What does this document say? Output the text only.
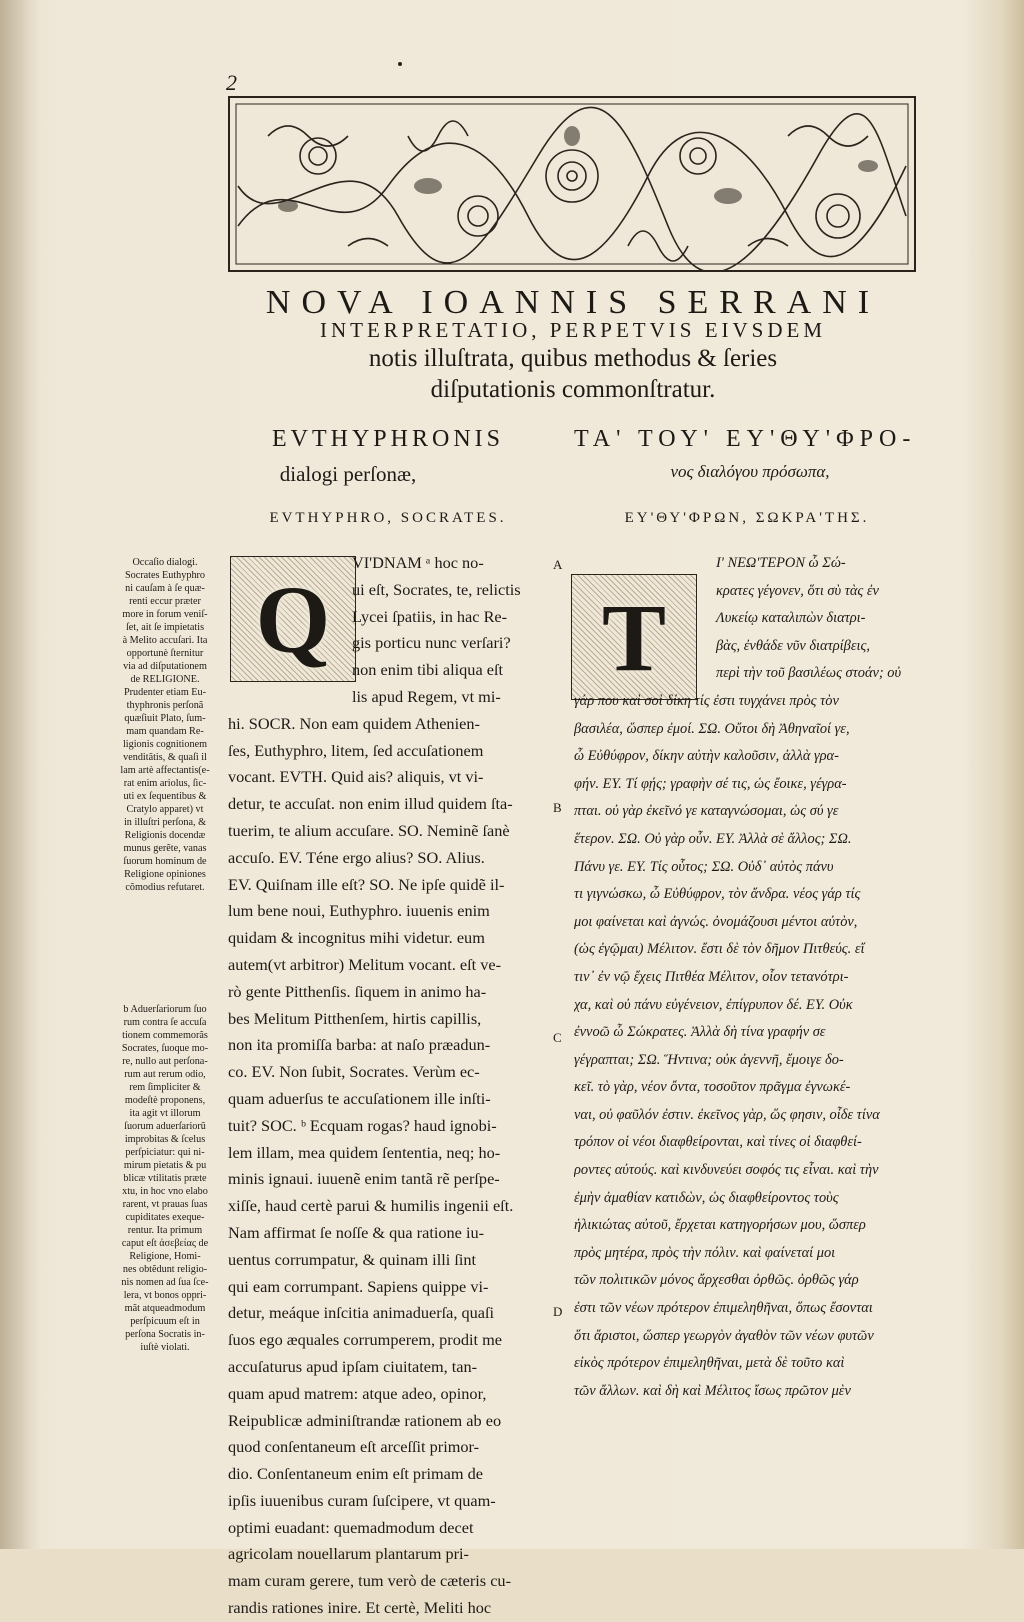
2
NOVA IOANNIS SERRANI
INTERPRETATIO, PERPETVIS EIVSDEM
notis illuſtrata, quibus methodus & ſeries
diſputationis commonſtratur.
EVTHYPHRONIS
dialogi perſonæ,
ΤΑ' ΤΟΥ' ΕΥ'ΘΥ'ΦΡΟ-
νος διαλόγου πρόσωπα,
EVTHYPHRO, SOCRATES.	ΕΥ'ΘΥ'ΦΡΩΝ, ΣΩΚΡΑ'ΤΗΣ.
Occaſio dialogi.
Socrates Euthyphro
ni cauſam à ſe quæ-
renti eccur præter
more in forum veniſ-
ſet, ait ſe impietatis
à Melito accuſari. Ita
opportunè ſternitur
via ad diſputationem
de RELIGIONE.
Prudenter etiam Eu-
thyphronis perſonã
quæſiuit Plato, ſum-
mam quandam Re-
ligionis cognitionem
venditãtis, & quaſi il
lam artè affectantis(e-
rat enim ariolus, ſic-
uti ex ſequentibus &
Cratylo apparet) vt
in illuſtri perſona, &
Religionis docendæ
munus gerẽte, vanas
ſuorum hominum de
Religione opiniones
cõmodius refutaret.
b Aduerſariorum ſuo
rum contra ſe accuſa
tionem commemorãs
Socrates, ſuoque mo-
re, nullo aut perſona-
rum aut rerum odio,
rem ſimpliciter &
modeſtè proponens,
ita agit vt illorum
ſuorum aduerſariorũ
improbitas & ſcelus
perſpiciatur: qui ni-
mirum pietatis & pu
blicæ vtilitatis præte
xtu, in hoc vno elabo
rarent, vt prauas ſuas
cupiditates exeque-
rentur. Ita primum
caput eſt ἀσεβείας de
Religione, Homi-
nes obtẽdunt religio-
nis nomen ad ſua ſce-
lera, vt bonos oppri-
mãt atqueadmodum
perſpicuum eſt in
perſona Socratis in-
iuſtè violati.
Q	T
VI'DNAM ᵃ hoc no-
ui eſt, Socrates, te, relictis
Lycei ſpatiis, in hac Re-
gis porticu nunc verſari?
non enim tibi aliqua eſt
lis apud Regem, vt mi-
hi. SOCR. Non eam quidem Athenien-
ſes, Euthyphro, litem, ſed accuſationem
vocant. EVTH. Quid ais? aliquis, vt vi-
detur, te accuſat. non enim illud quidem ſta-
tuerim, te alium accuſare. SO. Neminẽ ſanè
accuſo. EV. Téne ergo alius? SO. Alius.
EV. Quiſnam ille eſt? SO. Ne ipſe quidẽ il-
lum bene noui, Euthyphro. iuuenis enim
quidam & incognitus mihi videtur. eum
autem(vt arbitror) Melitum vocant. eſt ve-
rò gente Pitthenſis. ſiquem in animo ha-
bes Melitum Pitthenſem, hirtis capillis,
non ita promiſſa barba: at naſo præadun-
co. EV. Non ſubit, Socrates. Verùm ec-
quam aduerſus te accuſationem ille inſti-
tuit? SOC. ᵇ Ecquam rogas? haud ignobi-
lem illam, mea quidem ſententia, neq; ho-
minis ignaui. iuuenẽ enim tantã rẽ perſpe-
xiſſe, haud certè parui & humilis ingenii eſt.
Nam affirmat ſe noſſe & qua ratione iu-
uentus corrumpatur, & quinam illi ſint
qui eam corrumpant. Sapiens quippe vi-
detur, meáque inſcitia animaduerſa, quaſi
ſuos ego æquales corrumperem, prodit me
accuſaturus apud ipſam ciuitatem, tan-
quam apud matrem: atque adeo, opinor,
Reipublicæ adminiſtrandæ rationem ab eo
quod conſentaneum eſt arceſſit primor-
dio. Conſentaneum enim eſt primam de
ipſis iuuenibus curam ſuſcipere, vt quam-
optimi euadant: quemadmodum decet
agricolam nouellarum plantarum pri-
mam curam gerere, tum verò de cæteris cu-
randis rationes inire. Et certè, Meliti hoc
Ι' ΝΕΩ'ΤΕΡΟΝ ὦ Σώ-
κρατες γέγονεν, ὅτι σὺ τὰς ἐν
Λυκείῳ καταλιπὼν διατρι-
βὰς, ἐνθάδε νῦν διατρίβεις,
περὶ τὴν τοῦ βασιλέως στοάν; οὐ
γάρ που καὶ σοὶ δίκη τίς ἐστι τυγχάνει πρὸς τὸν
βασιλέα, ὥσπερ ἐμοί. ΣΩ. Οὔτοι δὴ Ἀθηναῖοί γε,
ὦ Εὐθύφρον, δίκην αὐτὴν καλοῦσιν, ἀλλὰ γρα-
φήν. ΕΥ. Τί φῄς; γραφὴν σέ τις, ὡς ἔοικε, γέγρα-
πται. οὐ γὰρ ἐκεῖνό γε καταγνώσομαι, ὡς σύ γε
ἕτερον. ΣΩ. Οὐ γὰρ οὖν. ΕΥ. Ἀλλὰ σὲ ἄλλος; ΣΩ.
Πάνυ γε. ΕΥ. Τίς οὗτος; ΣΩ. Οὐδ᾽ αὐτὸς πάνυ
τι γιγνώσκω, ὦ Εὐθύφρον, τὸν ἄνδρα. νέος γάρ τίς
μοι φαίνεται καὶ ἀγνώς. ὀνομάζουσι μέντοι αὐτὸν,
(ὡς ἐγῷμαι) Μέλιτον. ἔστι δὲ τὸν δῆμον Πιτθεύς. εἴ
τιν᾽ ἐν νῷ ἔχεις Πιτθέα Μέλιτον, οἷον τετανότρι-
χα, καὶ οὐ πάνυ εὐγένειον, ἐπίγρυπον δέ. ΕΥ. Οὐκ
ἐννοῶ ὦ Σώκρατες. Ἀλλὰ δὴ τίνα γραφήν σε
γέγραπται; ΣΩ. Ἥντινα; οὐκ ἀγεννῆ, ἔμοιγε δο-
κεῖ. τὸ γὰρ, νέον ὄντα, τοσοῦτον πρᾶγμα ἐγνωκέ-
ναι, οὐ φαῦλόν ἐστιν. ἐκεῖνος γὰρ, ὥς φησιν, οἶδε τίνα
τρόπον οἱ νέοι διαφθείρονται, καὶ τίνες οἱ διαφθεί-
ροντες αὐτούς. καὶ κινδυνεύει σοφός τις εἶναι. καὶ τὴν
ἐμὴν ἀμαθίαν κατιδὼν, ὡς διαφθείροντος τοὺς
ἡλικιώτας αὐτοῦ, ἔρχεται κατηγορήσων μου, ὥσπερ
πρὸς μητέρα, πρὸς τὴν πόλιν. καὶ φαίνεταί μοι
τῶν πολιτικῶν μόνος ἄρχεσθαι ὀρθῶς. ὀρθῶς γάρ
ἐστι τῶν νέων πρότερον ἐπιμεληθῆναι, ὅπως ἔσονται
ὅτι ἄριστοι, ὥσπερ γεωργὸν ἀγαθὸν τῶν νέων φυτῶν
εἰκὸς πρότερον ἐπιμεληθῆναι, μετὰ δὲ τοῦτο καὶ
τῶν ἄλλων. καὶ δὴ καὶ Μέλιτος ἴσως πρῶτον μὲν
A
B
C
D
